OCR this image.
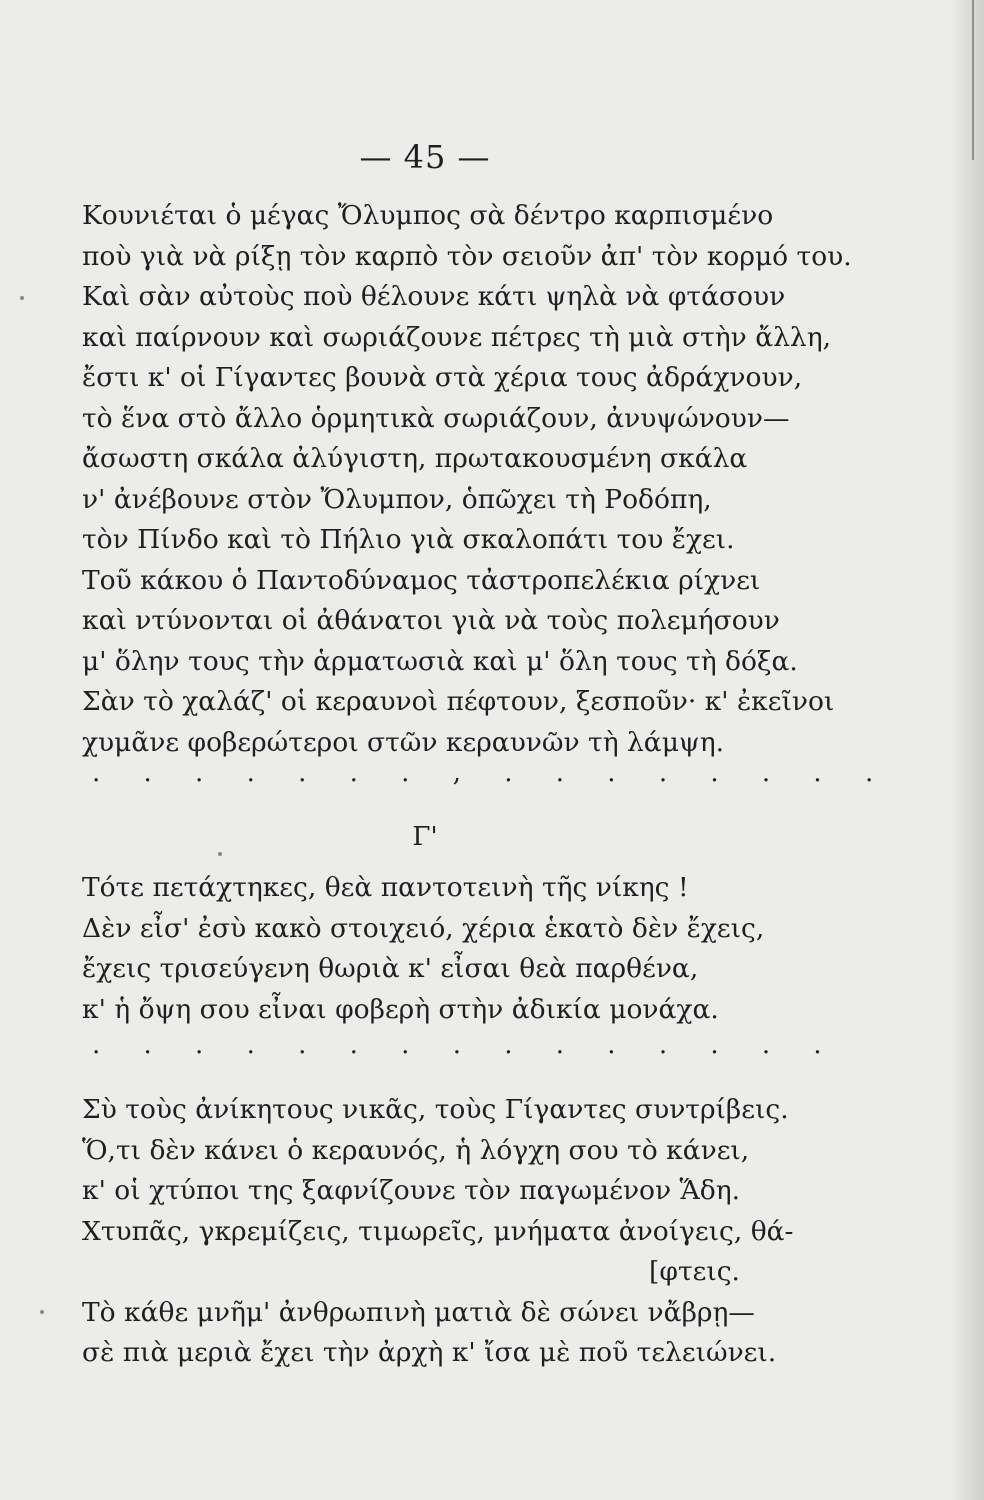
— 45 —
Κουνιέται ὁ μέγας Ὄλυμπος σὰ δέντρο καρπισμένο
ποὺ γιὰ νὰ ρίξῃ τὸν καρπὸ τὸν σειοῦν ἀπ' τὸν κορμό του.
Καὶ σὰν αὐτοὺς ποὺ θέλουνε κάτι ψηλὰ νὰ φτάσουν
καὶ παίρνουν καὶ σωριάζουνε πέτρες τὴ μιὰ στὴν ἄλλη,
ἔστι κ' οἱ Γίγαντες βουνὰ στὰ χέρια τους ἀδράχνουν,
τὸ ἕνα στὸ ἄλλο ὁρμητικὰ σωριάζουν, ἀνυψώνουν—
ἄσωστη σκάλα ἀλύγιστη, πρωτακουσμένη σκάλα
ν' ἀνέβουνε στὸν Ὄλυμπον, ὁπῶχει τὴ Ροδόπη,
τὸν Πίνδο καὶ τὸ Πήλιο γιὰ σκαλοπάτι του ἔχει.
Τοῦ κάκου ὁ Παντοδύναμος τἀστροπελέκια ρίχνει
καὶ ντύνονται οἱ ἀθάνατοι γιὰ νὰ τοὺς πολεμήσουν
μ' ὅλην τους τὴν ἁρματωσιὰ καὶ μ' ὅλη τους τὴ δόξα.
Σὰν τὸ χαλάζ' οἱ κεραυνοὶ πέφτουν, ξεσποῦν· κ' ἐκεῖνοι
χυμᾶνε φοβερώτεροι στῶν κεραυνῶν τὴ λάμψη.
. . . . . . . , . . . . . . . .
Γ'
Τότε πετάχτηκες, θεὰ παντοτεινὴ τῆς νίκης !
Δὲν εἶσ' ἐσὺ κακὸ στοιχειό, χέρια ἑκατὸ δὲν ἔχεις,
ἔχεις τρισεύγενη θωριὰ κ' εἶσαι θεὰ παρθένα,
κ' ἡ ὄψη σου εἶναι φοβερὴ στὴν ἀδικία μονάχα.
. . . . . . . . . . . . . . .
Σὺ τοὺς ἀνίκητους νικᾶς, τοὺς Γίγαντες συντρίβεις.
Ὅ,τι δὲν κάνει ὁ κεραυνός, ἡ λόγχη σου τὸ κάνει,
κ' οἱ χτύποι της ξαφνίζουνε τὸν παγωμένον Ἅδη.
Χτυπᾶς, γκρεμίζεις, τιμωρεῖς, μνήματα ἀνοίγεις, θά-
[φτεις.
Τὸ κάθε μνῆμ' ἀνθρωπινὴ ματιὰ δὲ σώνει νἄβρῃ—
σὲ πιὰ μεριὰ ἔχει τὴν ἀρχὴ κ' ἴσα μὲ ποῦ τελειώνει.
